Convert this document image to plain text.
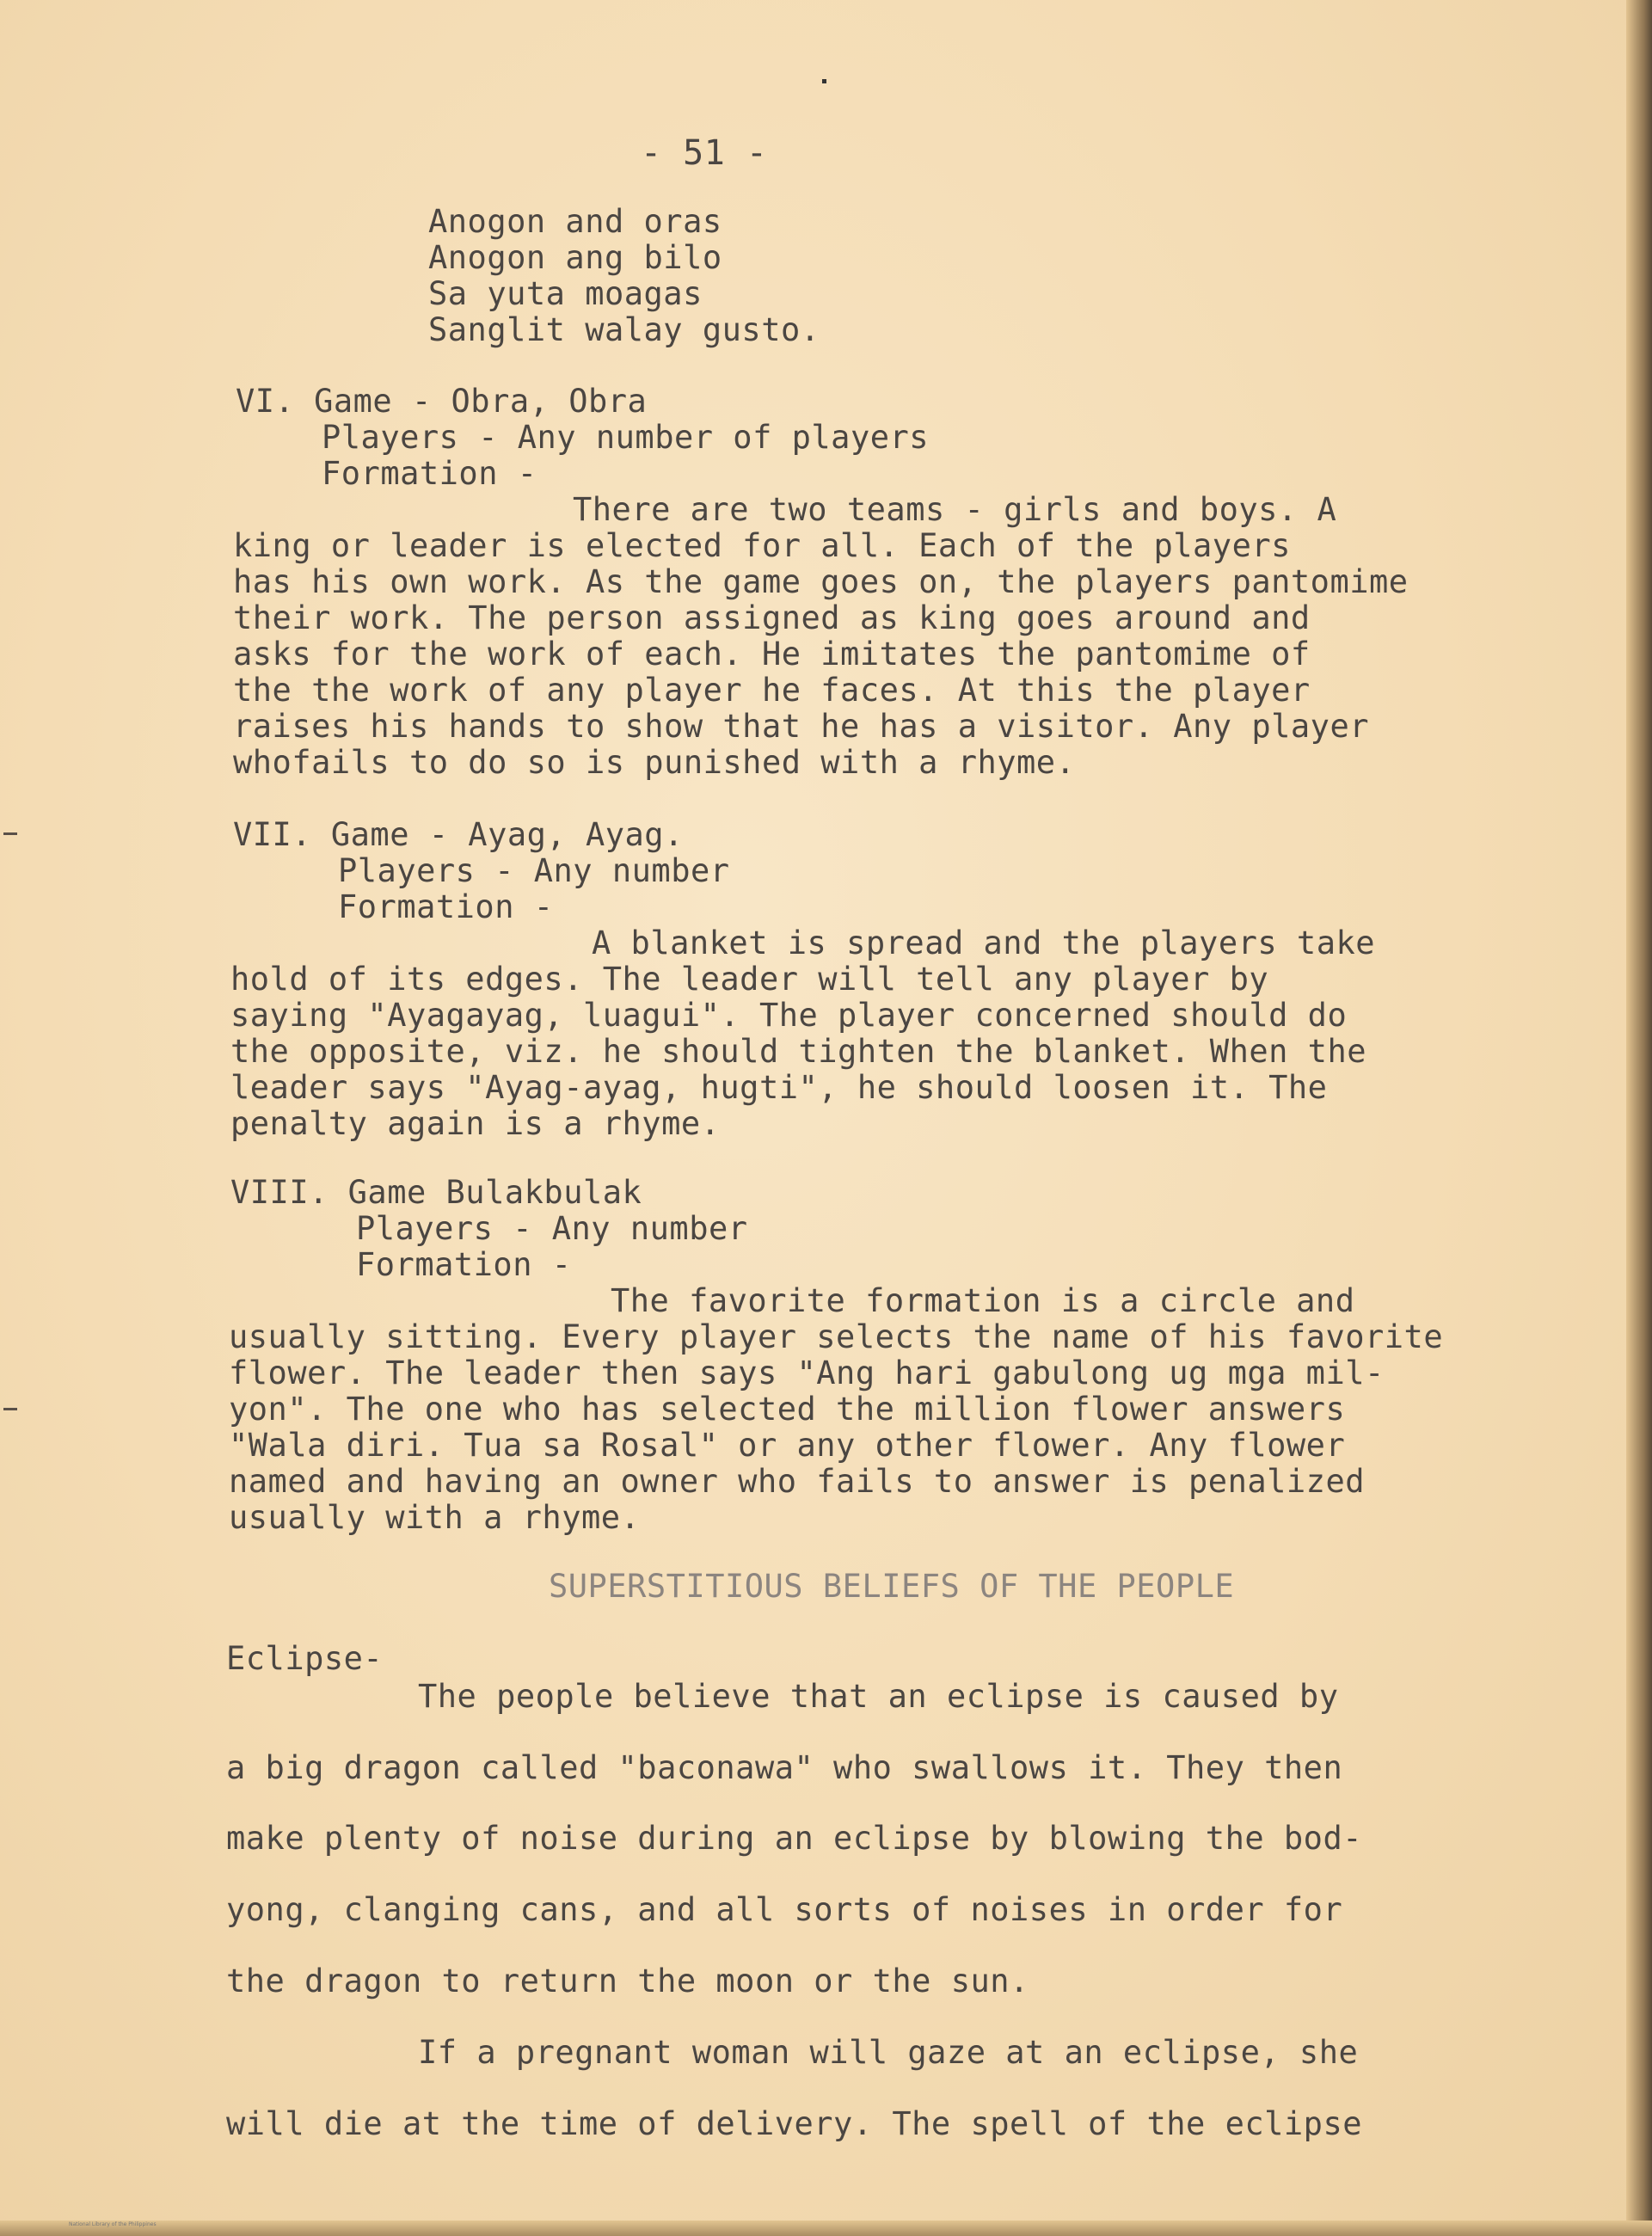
- 51 -
Anogon and oras
Anogon ang bilo
Sa yuta moagas
Sanglit walay gusto.
VI. Game - Obra, Obra
Players - Any number of players
Formation -
There are two teams - girls and boys. A
king or leader is elected for all. Each of the players
has his own work. As the game goes on, the players pantomime
their work. The person assigned as king goes around and
asks for the work of each. He imitates the pantomime of
the the work of any player he faces. At this the player
raises his hands to show that he has a visitor. Any player
whofails to do so is punished with a rhyme.
VII. Game - Ayag, Ayag.
Players - Any number
Formation -
A blanket is spread and the players take
hold of its edges. The leader will tell any player by
saying "Ayagayag, luagui". The player concerned should do
the opposite, viz. he should tighten the blanket. When the
leader says "Ayag-ayag, hugti", he should loosen it. The
penalty again is a rhyme.
VIII. Game Bulakbulak
Players - Any number
Formation -
The favorite formation is a circle and
usually sitting. Every player selects the name of his favorite
flower. The leader then says "Ang hari gabulong ug mga mil-
yon". The one who has selected the million flower answers
"Wala diri. Tua sa Rosal" or any other flower. Any flower
named and having an owner who fails to answer is penalized
usually with a rhyme.
SUPERSTITIOUS BELIEFS OF THE PEOPLE
Eclipse-
The people believe that an eclipse is caused by
a big dragon called "baconawa" who swallows it. They then
make plenty of noise during an eclipse by blowing the bod-
yong, clanging cans, and all sorts of noises in order for
the dragon to return the moon or the sun.
If a pregnant woman will gaze at an eclipse, she
will die at the time of delivery. The spell of the eclipse
National Library of the Philippines
